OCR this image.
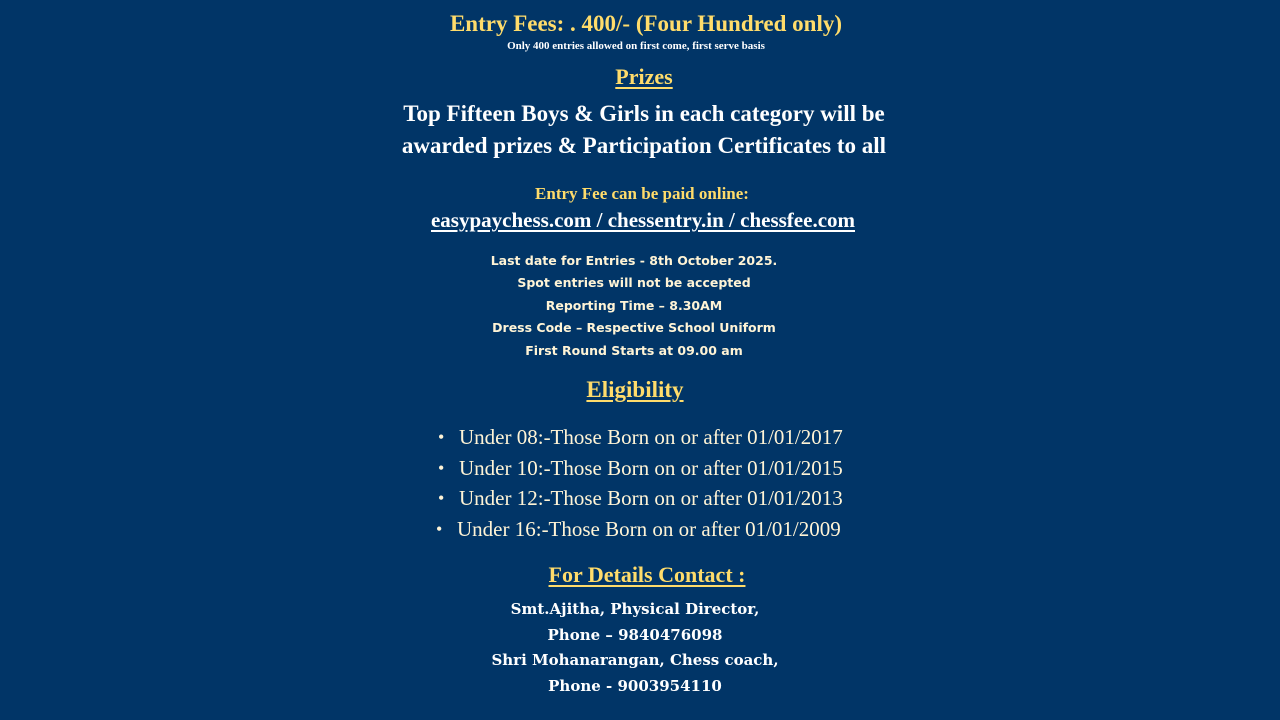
Entry Fees: . 400/- (Four Hundred only)
Only 400 entries allowed on first come, first serve basis
Prizes
Top Fifteen Boys & Girls in each category will be
awarded prizes & Participation Certificates to all
Entry Fee can be paid online:
easypaychess.com / chessentry.in / chessfee.com
Last date for Entries - 8th October 2025.
Spot entries will not be accepted
Reporting Time – 8.30AM
Dress Code – Respective School Uniform
First Round Starts at 09.00 am
Eligibility
• Under 08:-Those Born on or after 01/01/2017
• Under 10:-Those Born on or after 01/01/2015
• Under 12:-Those Born on or after 01/01/2013
• Under 16:-Those Born on or after 01/01/2009
For Details Contact :
Smt.Ajitha, Physical Director,
Phone – 9840476098
Shri Mohanarangan, Chess coach,
Phone - 9003954110
